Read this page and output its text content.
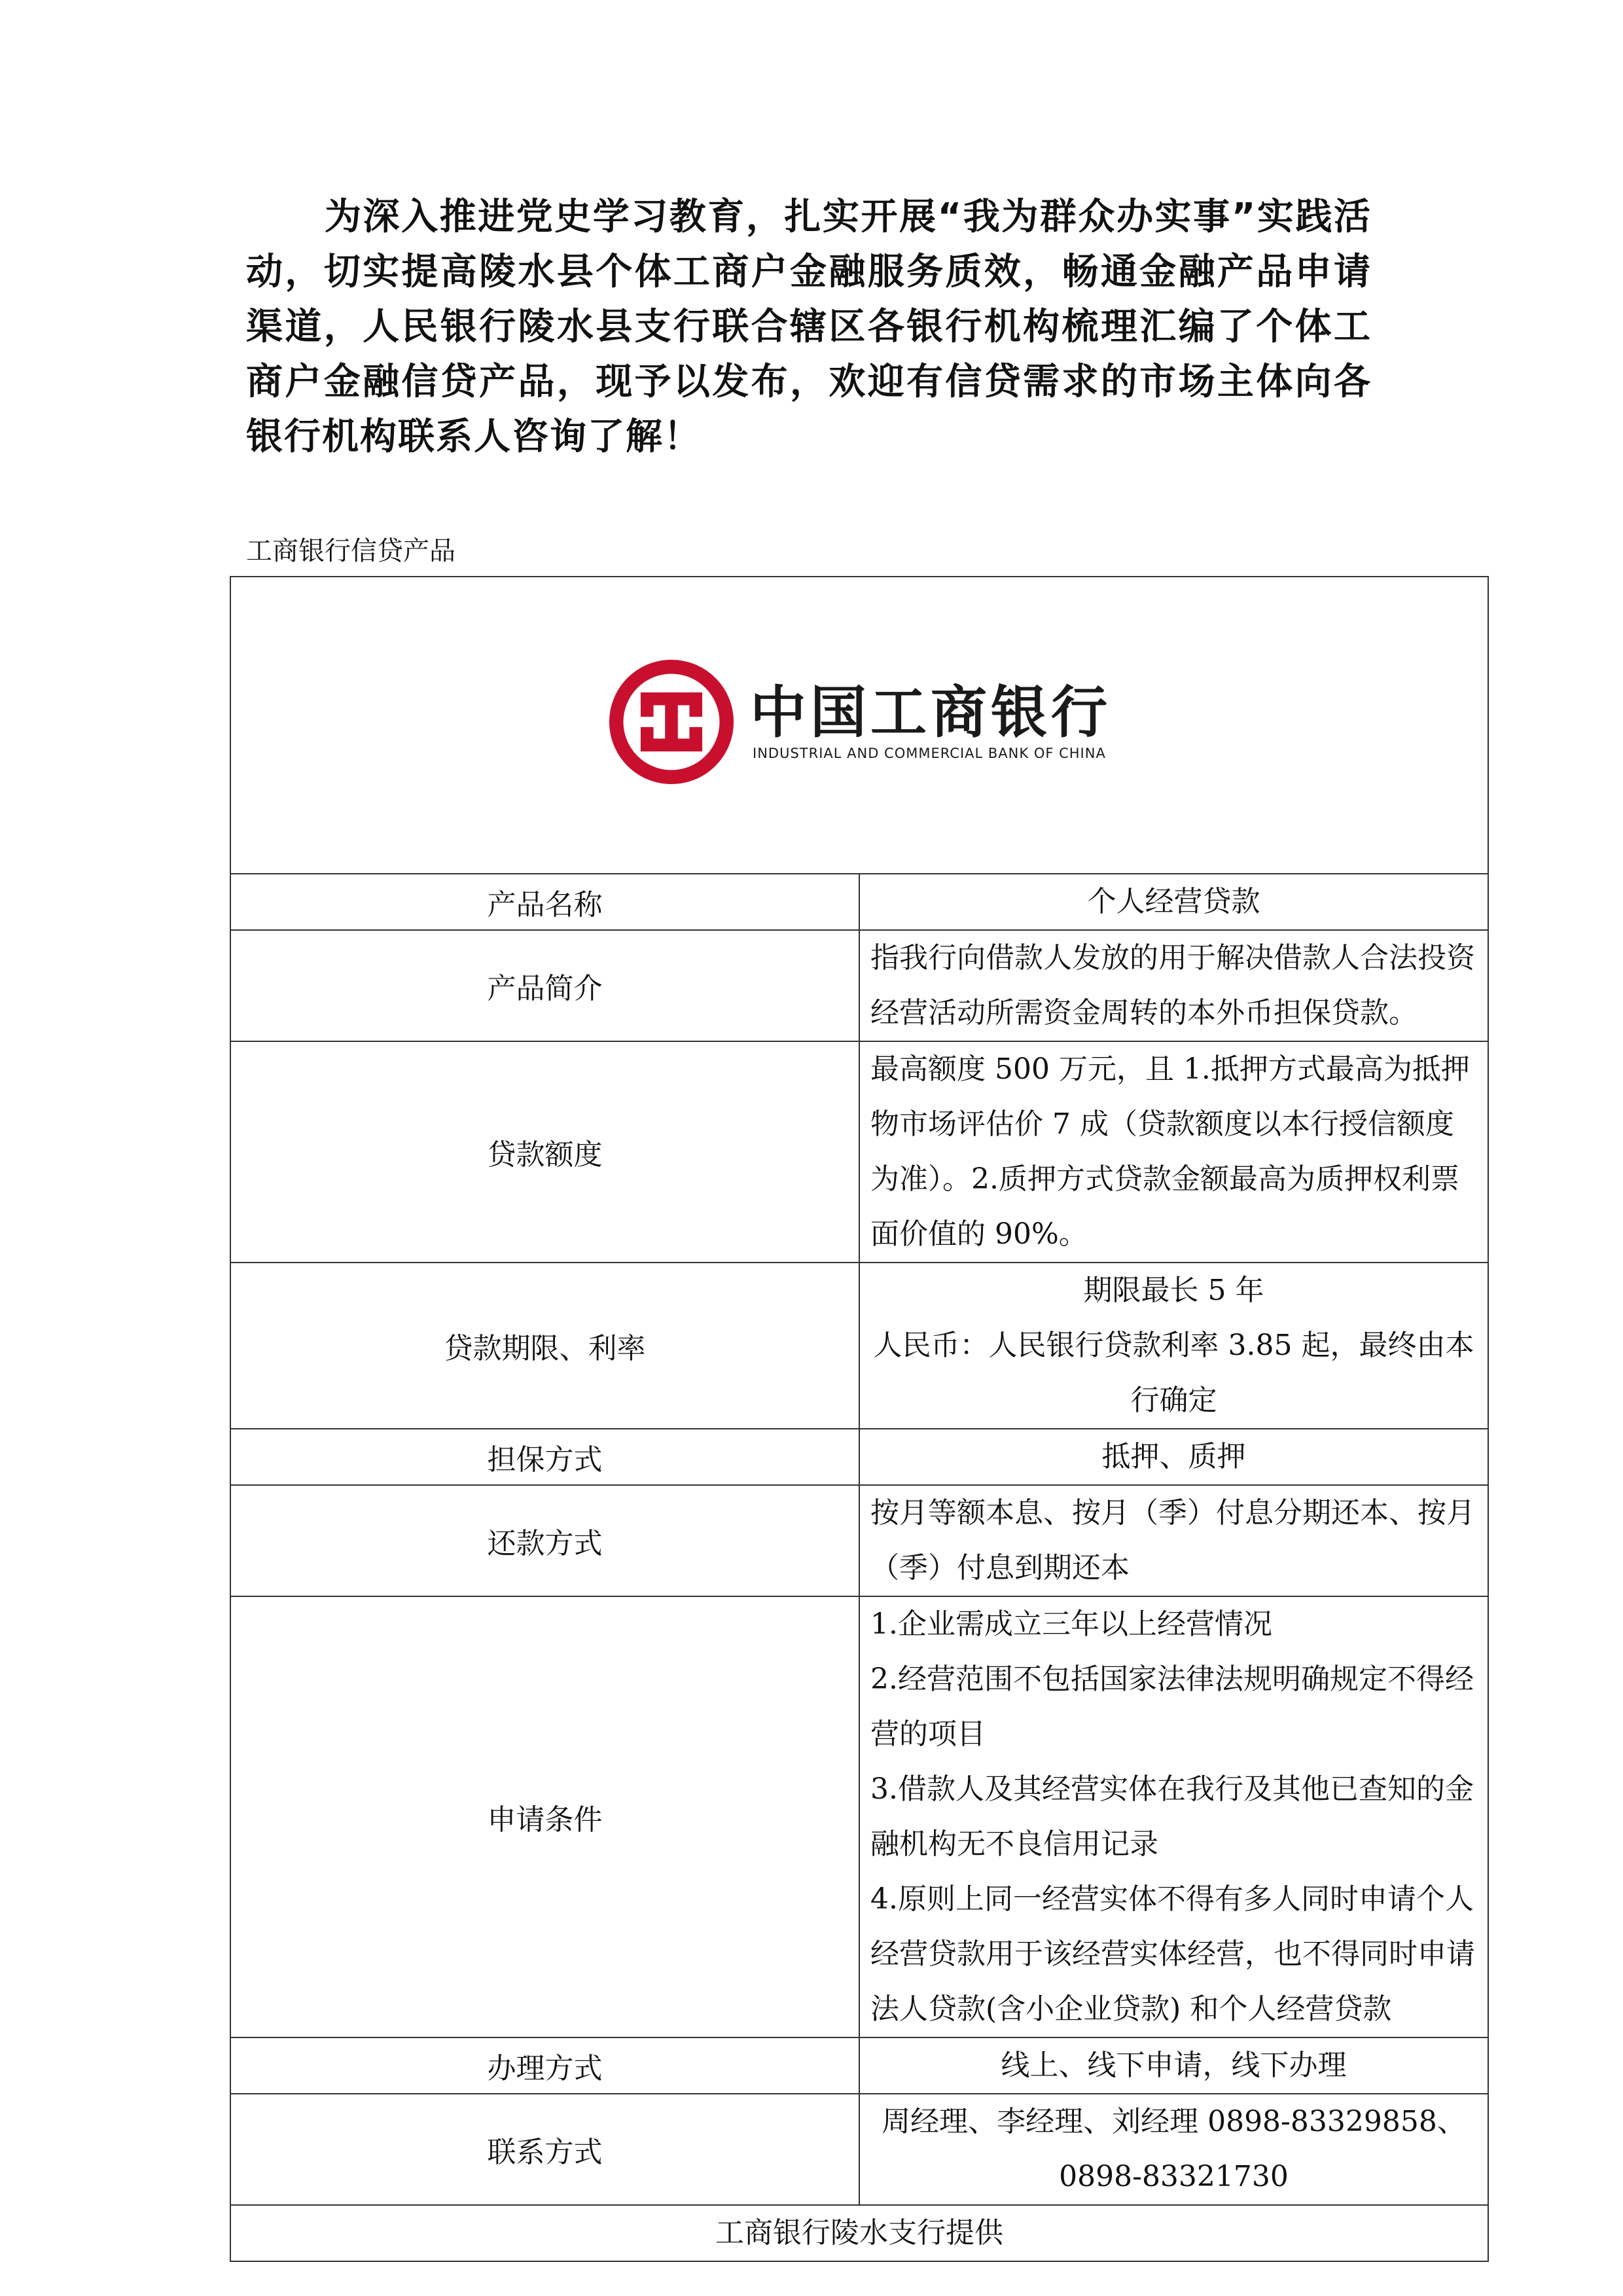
为深入推进党史学习教育，扎实开展“我为群众办实事”实践活动，切实提高陵水县个体工商户金融服务质效，畅通金融产品申请渠道，人民银行陵水县支行联合辖区各银行机构梳理汇编了个体工商户金融信贷产品，现予以发布，欢迎有信贷需求的市场主体向各银行机构联系人咨询了解！

工商银行信贷产品
中国工商银行
INDUSTRIAL AND COMMERCIAL BANK OF CHINA	

产品名称	个人经营贷款
产品简介	指我行向借款人发放的用于解决借款人合法投资经营活动所需资金周转的本外币担保贷款。
贷款额度	最高额度 500 万元，且 1.抵押方式最高为抵押物市场评估价 7 成（贷款额度以本行授信额度为准）。2.质押方式贷款金额最高为质押权利票面价值的 90%。
贷款期限、利率	期限最长 5 年
人民币：人民银行贷款利率 3.85 起，最终由本行确定

担保方式	抵押、质押
还款方式	按月等额本息、按月（季）付息分期还本、按月（季）付息到期还本
申请条件	1.企业需成立三年以上经营情况
2.经营范围不包括国家法律法规明确规定不得经营的项目
3.借款人及其经营实体在我行及其他已查知的金融机构无不良信用记录
4.原则上同一经营实体不得有多人同时申请个人经营贷款用于该经营实体经营，也不得同时申请法人贷款(含小企业贷款) 和个人经营贷款

办理方式	线上、线下申请，线下办理
联系方式	周经理、李经理、刘经理 0898-83329858、0898-83321730
工商银行陵水支行提供	
